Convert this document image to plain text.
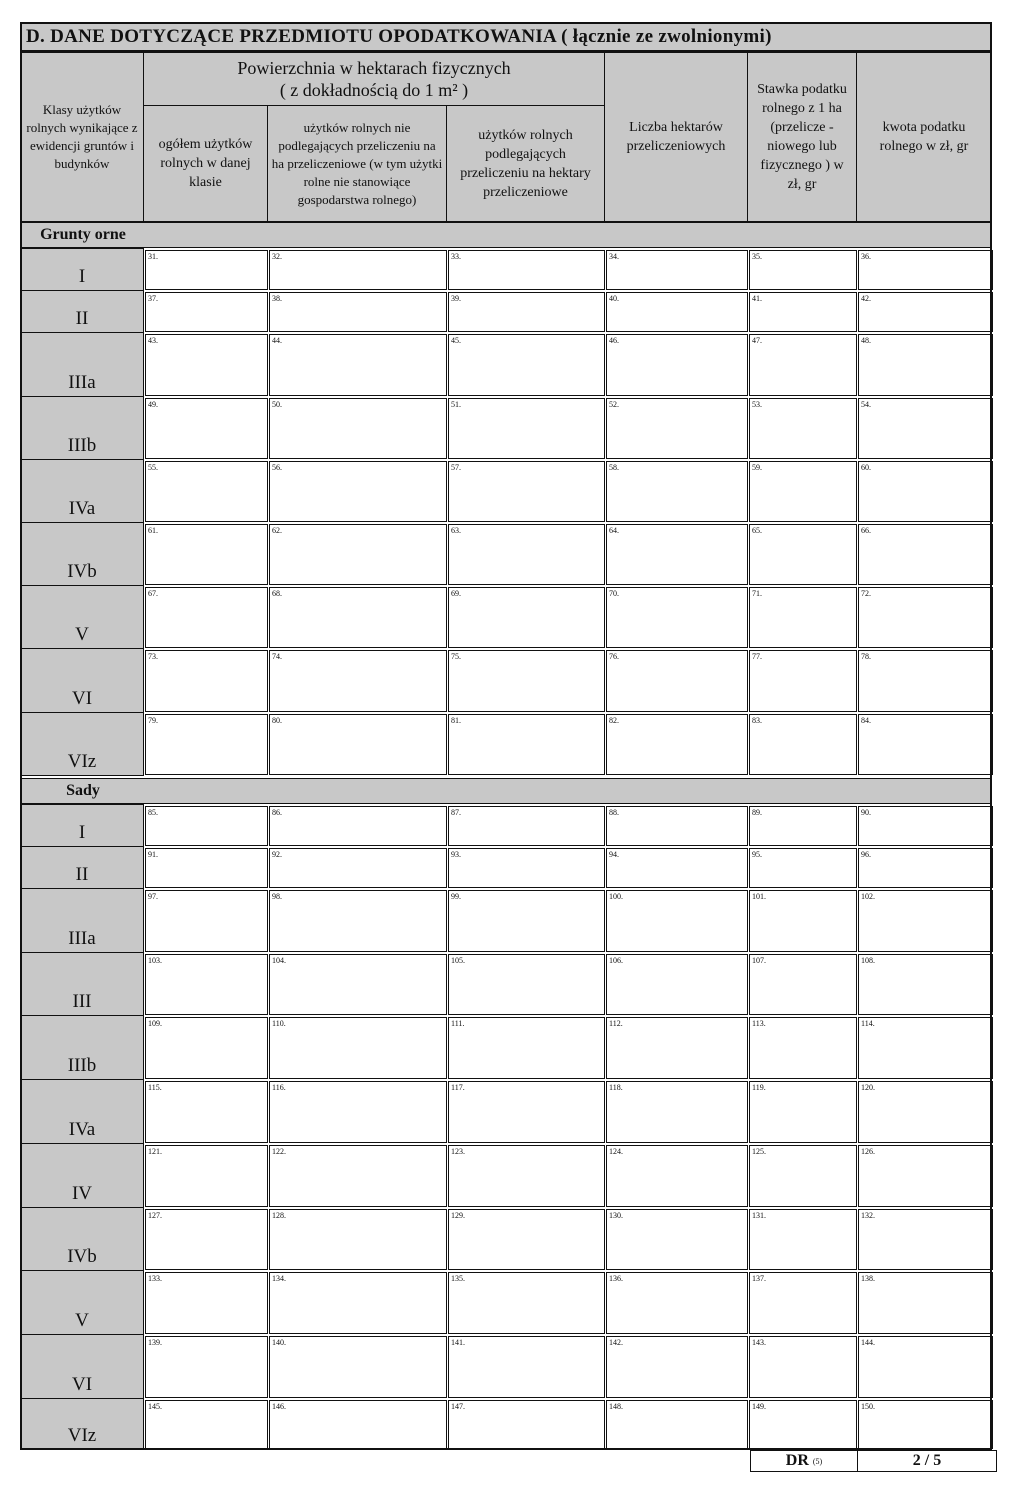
D. DANE DOTYCZĄCE PRZEDMIOTU OPODATKOWANIA ( łącznie ze zwolnionymi)
Klasy użytków rolnych wynikające z ewidencji gruntów i budynków
Powierzchnia w hektarach fizycznych
( z dokładnością do 1 m² )
ogółem użytków rolnych w danej klasie
użytków rolnych nie podlegających przeliczeniu na ha przeliczeniowe (w tym użytki rolne nie stanowiące gospodarstwa rolnego)
użytków rolnych podlegających przeliczeniu na hektary przeliczeniowe
Liczba hektarów przeliczeniowych
Stawka podatku rolnego z 1 ha (przelicze - niowego lub fizycznego ) w zł, gr
kwota podatku rolnego w zł, gr
Grunty orne
I
31.	32.	33.	34.	35.	36.
II
37.	38.	39.	40.	41.	42.
IIIa
43.	44.	45.	46.	47.	48.
IIIb
49.	50.	51.	52.	53.	54.
IVa
55.	56.	57.	58.	59.	60.
IVb
61.	62.	63.	64.	65.	66.
V
67.	68.	69.	70.	71.	72.
VI
73.	74.	75.	76.	77.	78.
VIz
79.	80.	81.	82.	83.	84.
Sady
I
85.	86.	87.	88.	89.	90.
II
91.	92.	93.	94.	95.	96.
IIIa
97.	98.	99.	100.	101.	102.
III
103.	104.	105.	106.	107.	108.
IIIb
109.	110.	111.	112.	113.	114.
IVa
115.	116.	117.	118.	119.	120.
IV
121.	122.	123.	124.	125.	126.
IVb
127.	128.	129.	130.	131.	132.
V
133.	134.	135.	136.	137.	138.
VI
139.	140.	141.	142.	143.	144.
VIz
145.	146.	147.	148.	149.	150.
DR
(5)	2 / 5
